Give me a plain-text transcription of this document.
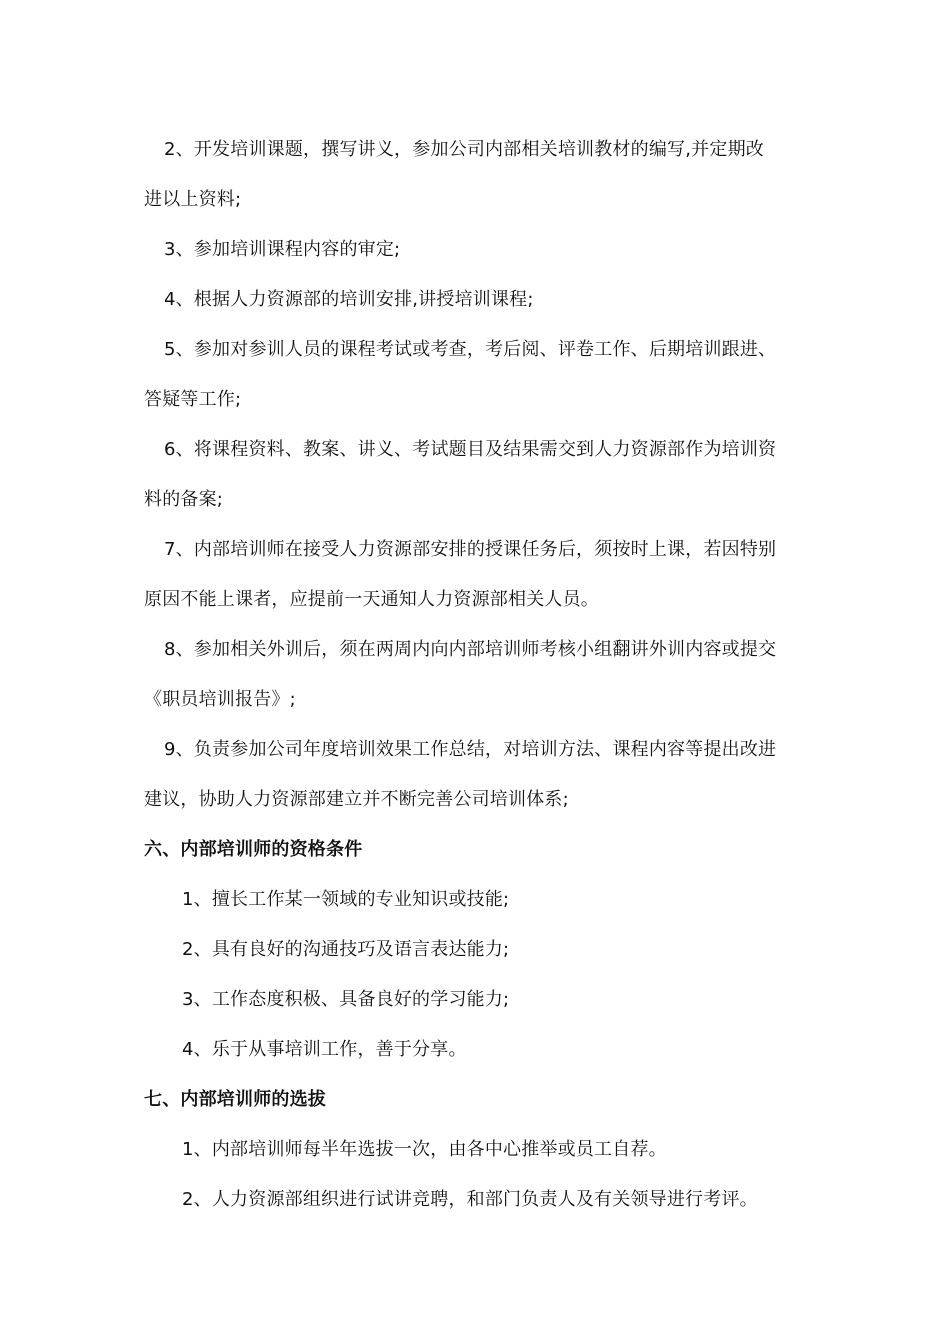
2、开发培训课题，撰写讲义，参加公司内部相关培训教材的编写,并定期改
进以上资料;
3、参加培训课程内容的审定;
4、根据人力资源部的培训安排,讲授培训课程;
5、参加对参训人员的课程考试或考查，考后阅、评卷工作、后期培训跟进、
答疑等工作;
6、将课程资料、教案、讲义、考试题目及结果需交到人力资源部作为培训资
料的备案;
7、内部培训师在接受人力资源部安排的授课任务后，须按时上课，若因特别
原因不能上课者，应提前一天通知人力资源部相关人员。
8、参加相关外训后，须在两周内向内部培训师考核小组翻讲外训内容或提交
《职员培训报告》;
9、负责参加公司年度培训效果工作总结，对培训方法、课程内容等提出改进
建议，协助人力资源部建立并不断完善公司培训体系;
六、内部培训师的资格条件
1、擅长工作某一领域的专业知识或技能;
2、具有良好的沟通技巧及语言表达能力;
3、工作态度积极、具备良好的学习能力;
4、乐于从事培训工作，善于分享。
七、内部培训师的选拔
1、内部培训师每半年选拔一次，由各中心推举或员工自荐。
2、人力资源部组织进行试讲竞聘，和部门负责人及有关领导进行考评。
